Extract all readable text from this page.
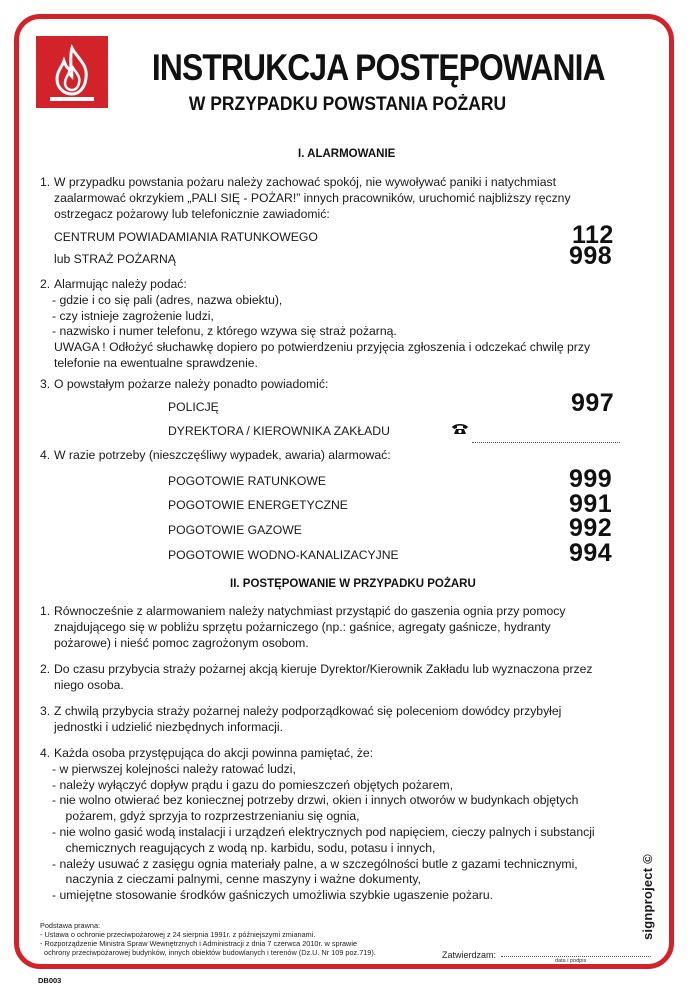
INSTRUKCJA POSTĘPOWANIA
W PRZYPADKU POWSTANIA POŻARU
I. ALARMOWANIE
1. W przypadku powstania pożaru należy zachować spokój, nie wywoływać paniki i natychmiast
zaalarmować okrzykiem „PALI SIĘ - POŻAR!” innych pracowników, uruchomić najbliższy ręczny
ostrzegacz pożarowy lub telefonicznie zawiadomić:
CENTRUM POWIADAMIANIA RATUNKOWEGO	112
lub STRAŻ POŻARNĄ	998
2. Alarmując należy podać:
- gdzie i co się pali (adres, nazwa obiektu),
- czy istnieje zagrożenie ludzi,
- nazwisko i numer telefonu, z którego wzywa się straż pożarną.
UWAGA ! Odłożyć słuchawkę dopiero po potwierdzeniu przyjęcia zgłoszenia i odczekać chwilę przy
telefonie na ewentualne sprawdzenie.
3. O powstałym pożarze należy ponadto powiadomić:
POLICJĘ	997
DYREKTORA / KIEROWNIKA ZAKŁADU
4. W razie potrzeby (nieszczęśliwy wypadek, awaria) alarmować:
POGOTOWIE RATUNKOWE	999
POGOTOWIE ENERGETYCZNE	991
POGOTOWIE GAZOWE	992
POGOTOWIE WODNO-KANALIZACYJNE	994
II. POSTĘPOWANIE W PRZYPADKU POŻARU
1. Równocześnie z alarmowaniem należy natychmiast przystąpić do gaszenia ognia przy pomocy
znajdującego się w pobliżu sprzętu pożarniczego (np.: gaśnice, agregaty gaśnicze, hydranty
pożarowe) i nieść pomoc zagrożonym osobom.
2. Do czasu przybycia straży pożarnej akcją kieruje Dyrektor/Kierownik Zakładu lub wyznaczona przez
niego osoba.
3. Z chwilą przybycia straży pożarnej należy podporządkować się poleceniom dowódcy przybyłej
jednostki i udzielić niezbędnych informacji.
4. Każda osoba przystępująca do akcji powinna pamiętać, że:
- w pierwszej kolejności należy ratować ludzi,
- należy wyłączyć dopływ prądu i gazu do pomieszczeń objętych pożarem,
- nie wolno otwierać bez koniecznej potrzeby drzwi, okien i innych otworów w budynkach objętych
pożarem, gdyż sprzyja to rozprzestrzenianiu się ognia,
- nie wolno gasić wodą instalacji i urządzeń elektrycznych pod napięciem, cieczy palnych i substancji
chemicznych reagujących z wodą np. karbidu, sodu, potasu i innych,
- należy usuwać z zasięgu ognia materiały palne, a w szczególności butle z gazami technicznymi,
naczynia z cieczami palnymi, cenne maszyny i ważne dokumenty,
- umiejętne stosowanie środków gaśniczych umożliwia szybkie ugaszenie pożaru.
Podstawa prawna:
- Ustawa o ochronie przeciwpożarowej z 24 sierpnia 1991r. z późniejszymi zmianami.
- Rozporządzenie Ministra Spraw Wewnętrznych i Administracji z dnia 7 czerwca 2010r. w sprawie
ochrony przeciwpożarowej budynków, innych obiektów budowlanych i terenów (Dz.U. Nr 109 poz.719).	Zatwierdzam:
data i podpis
signproject ©
DB003
